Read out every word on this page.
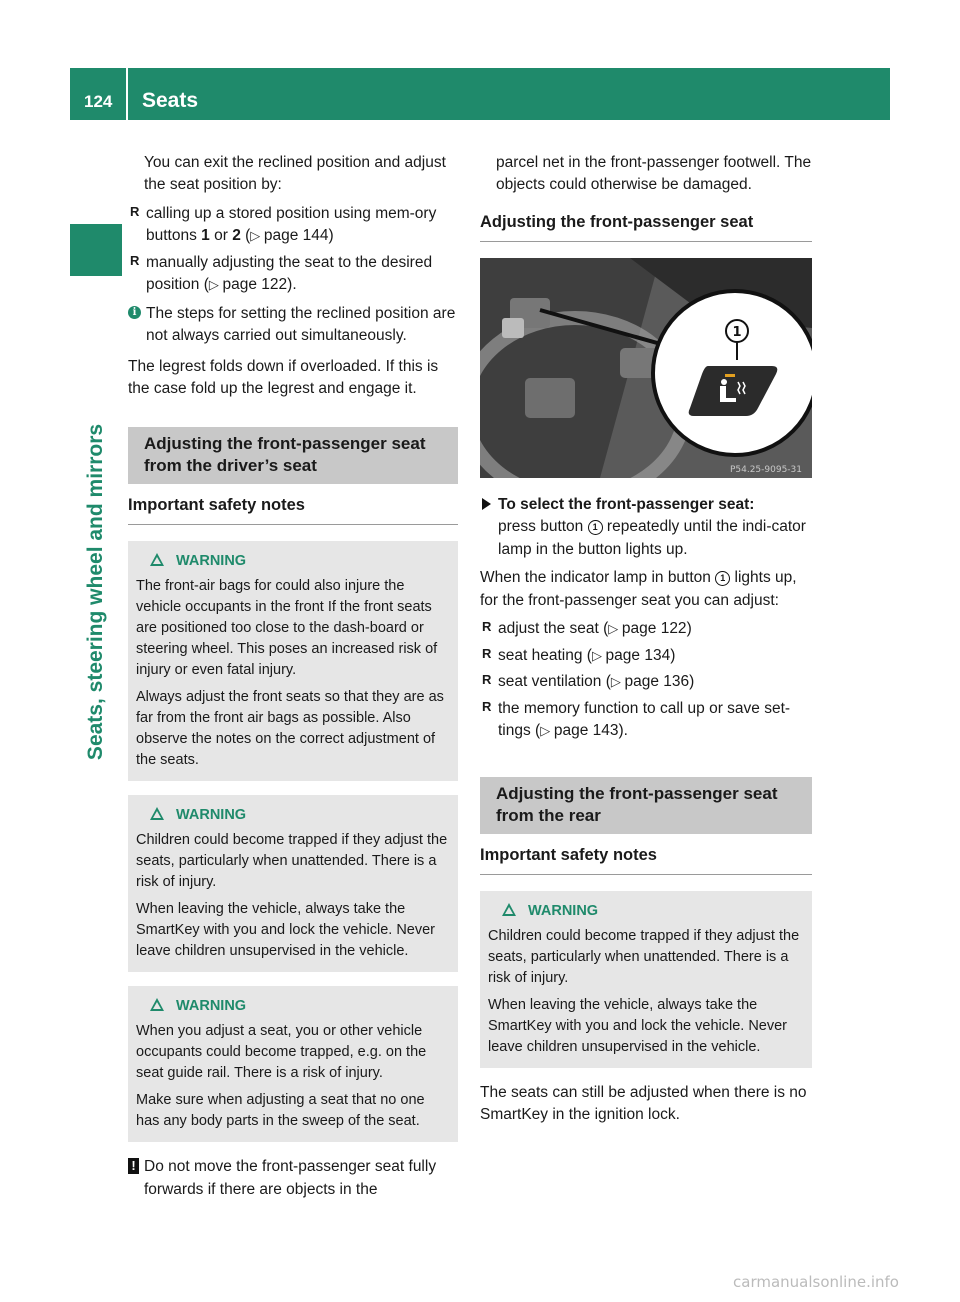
124 Seats
Seats, steering wheel and mirrors

You can exit the reclined position and adjust the seat position by:

R calling up a stored position using mem-ory buttons 1 or 2 (▷ page 144)
R manually adjusting the seat to the desired position (▷ page 122).
i The steps for setting the reclined position are not always carried out simultaneously.

The legrest folds down if overloaded. If this is the case fold up the legrest and engage it.

Adjusting the front-passenger seat from the driver’s seat
Important safety notes
WARNING

The front-air bags for could also injure the vehicle occupants in the front If the front seats are positioned too close to the dash-board or steering wheel. This poses an increased risk of injury or even fatal injury.

Always adjust the front seats so that they are as far from the front air bags as possible. Also observe the notes on the correct adjustment of the seats.

WARNING

Children could become trapped if they adjust the seats, particularly when unattended. There is a risk of injury.

When leaving the vehicle, always take the SmartKey with you and lock the vehicle. Never leave children unsupervised in the vehicle.

WARNING

When you adjust a seat, you or other vehicle occupants could become trapped, e.g. on the seat guide rail. There is a risk of injury.

Make sure when adjusting a seat that no one has any body parts in the sweep of the seat.

! Do not move the front-passenger seat fully forwards if there are objects in the

parcel net in the front-passenger footwell. The objects could otherwise be damaged.

Adjusting the front-passenger seat
1
P54.25-9095-31

To select the front-passenger seat:

press button 1 repeatedly until the indi-cator lamp in the button lights up.

When the indicator lamp in button 1 lights up, for the front-passenger seat you can adjust:

R adjust the seat (▷ page 122)
R seat heating (▷ page 134)
R seat ventilation (▷ page 136)
R the memory function to call up or save set-tings (▷ page 143).
Adjusting the front-passenger seat from the rear
Important safety notes
WARNING

Children could become trapped if they adjust the seats, particularly when unattended. There is a risk of injury.

When leaving the vehicle, always take the SmartKey with you and lock the vehicle. Never leave children unsupervised in the vehicle.

The seats can still be adjusted when there is no SmartKey in the ignition lock.

carmanualsonline.info
